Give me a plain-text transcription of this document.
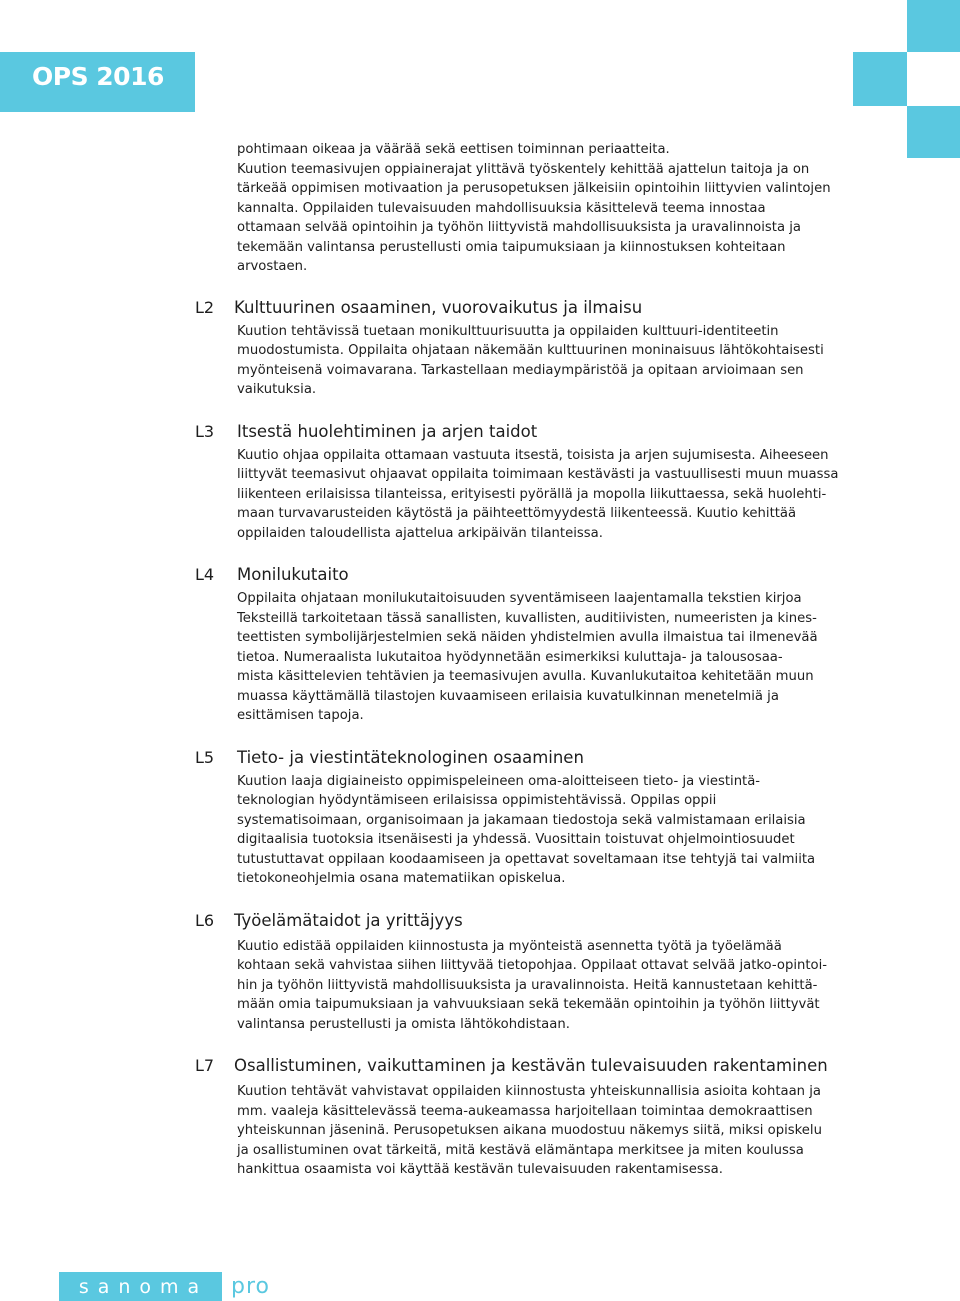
OPS 2016
pohtimaan oikeaa ja väärää sekä eettisen toiminnan periaatteita.
Kuution teemasivujen oppiainerajat ylittävä työskentely kehittää ajattelun taitoja ja on
tärkeää oppimisen motivaation ja perusopetuksen jälkeisiin opintoihin liittyvien valintojen
kannalta. Oppilaiden tulevaisuuden mahdollisuuksia käsittelevä teema innostaa
ottamaan selvää opintoihin ja työhön liittyvistä mahdollisuuksista ja uravalinnoista ja
tekemään valintansa perustellusti omia taipumuksiaan ja kiinnostuksen kohteitaan
arvostaen.
L2 Kulttuurinen osaaminen, vuorovaikutus ja ilmaisu
Kuution tehtävissä tuetaan monikulttuurisuutta ja oppilaiden kulttuuri-identiteetin
muodostumista. Oppilaita ohjataan näkemään kulttuurinen moninaisuus lähtökohtaisesti
myönteisenä voimavarana. Tarkastellaan mediaympäristöä ja opitaan arvioimaan sen
vaikutuksia.
L3 Itsestä huolehtiminen ja arjen taidot
Kuutio ohjaa oppilaita ottamaan vastuuta itsestä, toisista ja arjen sujumisesta. Aiheeseen
liittyvät teemasivut ohjaavat oppilaita toimimaan kestävästi ja vastuullisesti muun muassa
liikenteen erilaisissa tilanteissa, erityisesti pyörällä ja mopolla liikuttaessa, sekä huolehti-
maan turvavarusteiden käytöstä ja päihteettömyydestä liikenteessä. Kuutio kehittää
oppilaiden taloudellista ajattelua arkipäivän tilanteissa.
L4 Monilukutaito
Oppilaita ohjataan monilukutaitoisuuden syventämiseen laajentamalla tekstien kirjoa
Teksteillä tarkoitetaan tässä sanallisten, kuvallisten, auditiivisten, numeeristen ja kines-
teettisten symbolijärjestelmien sekä näiden yhdistelmien avulla ilmaistua tai ilmenevää
tietoa. Numeraalista lukutaitoa hyödynnetään esimerkiksi kuluttaja- ja talousosaa-
mista käsittelevien tehtävien ja teemasivujen avulla. Kuvanlukutaitoa kehitetään muun
muassa käyttämällä tilastojen kuvaamiseen erilaisia kuvatulkinnan menetelmiä ja
esittämisen tapoja.
L5 Tieto- ja viestintäteknologinen osaaminen
Kuution laaja digiaineisto oppimispeleineen oma-aloitteiseen tieto- ja viestintä-
teknologian hyödyntämiseen erilaisissa oppimistehtävissä. Oppilas oppii
systematisoimaan, organisoimaan ja jakamaan tiedostoja sekä valmistamaan erilaisia
digitaalisia tuotoksia itsenäisesti ja yhdessä. Vuosittain toistuvat ohjelmointiosuudet
tutustuttavat oppilaan koodaamiseen ja opettavat soveltamaan itse tehtyjä tai valmiita
tietokoneohjelmia osana matematiikan opiskelua.
L6 Työelämätaidot ja yrittäjyys
Kuutio edistää oppilaiden kiinnostusta ja myönteistä asennetta työtä ja työelämää
kohtaan sekä vahvistaa siihen liittyvää tietopohjaa. Oppilaat ottavat selvää jatko-opintoi-
hin ja työhön liittyvistä mahdollisuuksista ja uravalinnoista. Heitä kannustetaan kehittä-
mään omia taipumuksiaan ja vahvuuksiaan sekä tekemään opintoihin ja työhön liittyvät
valintansa perustellusti ja omista lähtökohdistaan.
L7 Osallistuminen, vaikuttaminen ja kestävän tulevaisuuden rakentaminen
Kuution tehtävät vahvistavat oppilaiden kiinnostusta yhteiskunnallisia asioita kohtaan ja
mm. vaaleja käsittelevässä teema-aukeamassa harjoitellaan toimintaa demokraattisen
yhteiskunnan jäseninä. Perusopetuksen aikana muodostuu näkemys siitä, miksi opiskelu
ja osallistuminen ovat tärkeitä, mitä kestävä elämäntapa merkitsee ja miten koulussa
hankittua osaamista voi käyttää kestävän tulevaisuuden rakentamisessa.
sanoma	pro
